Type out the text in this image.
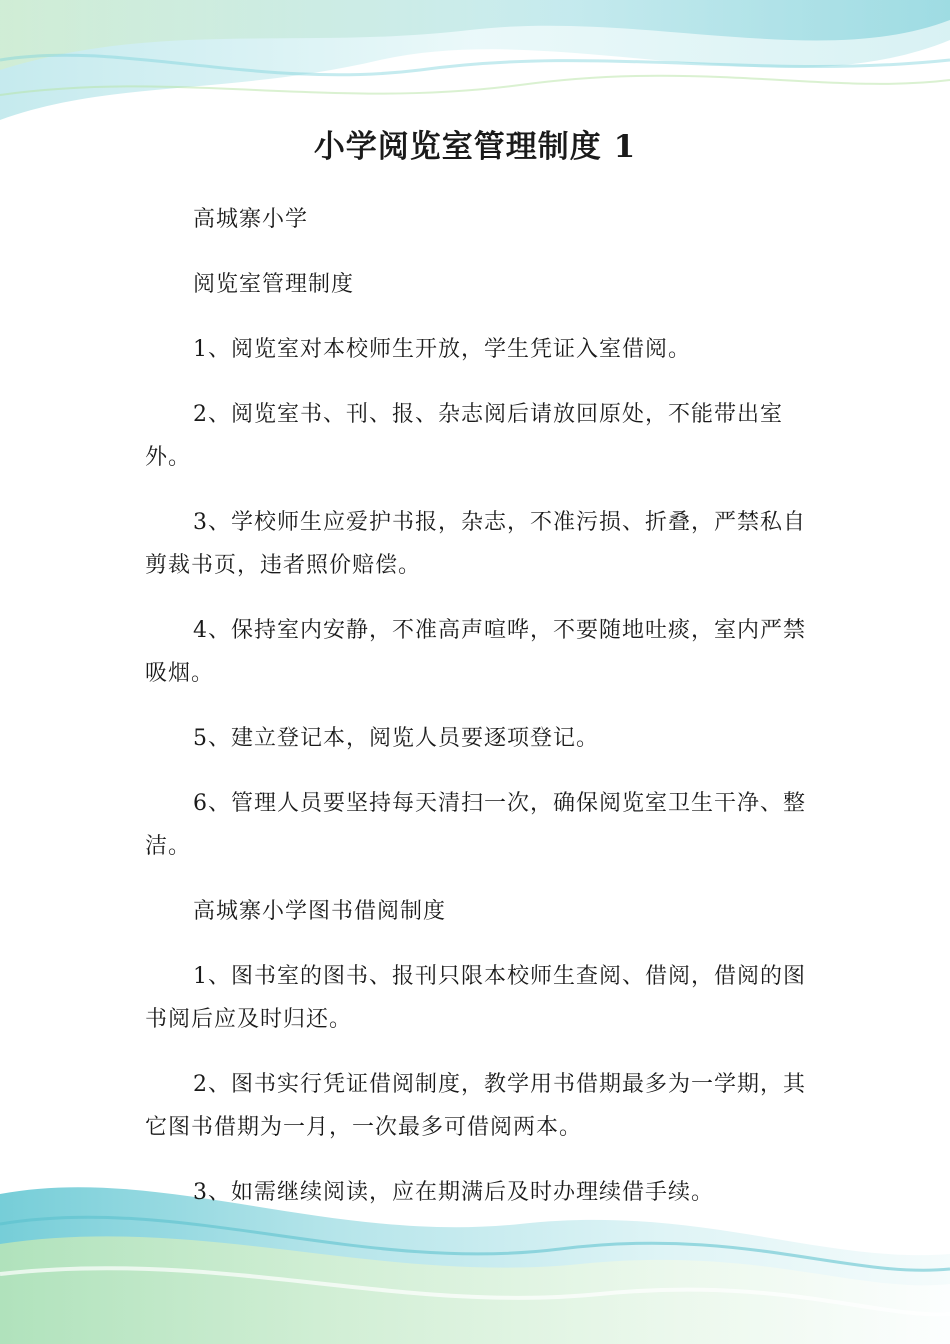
小学阅览室管理制度 1

高城寨小学

阅览室管理制度

1、阅览室对本校师生开放，学生凭证入室借阅。

2、阅览室书、刊、报、杂志阅后请放回原处，不能带出室外。

3、学校师生应爱护书报，杂志，不准污损、折叠，严禁私自剪裁书页，违者照价赔偿。

4、保持室内安静，不准高声喧哗，不要随地吐痰，室内严禁吸烟。

5、建立登记本，阅览人员要逐项登记。

6、管理人员要坚持每天清扫一次，确保阅览室卫生干净、整洁。

高城寨小学图书借阅制度

1、图书室的图书、报刊只限本校师生查阅、借阅，借阅的图书阅后应及时归还。

2、图书实行凭证借阅制度，教学用书借期最多为一学期，其它图书借期为一月，一次最多可借阅两本。

3、如需继续阅读，应在期满后及时办理续借手续。
